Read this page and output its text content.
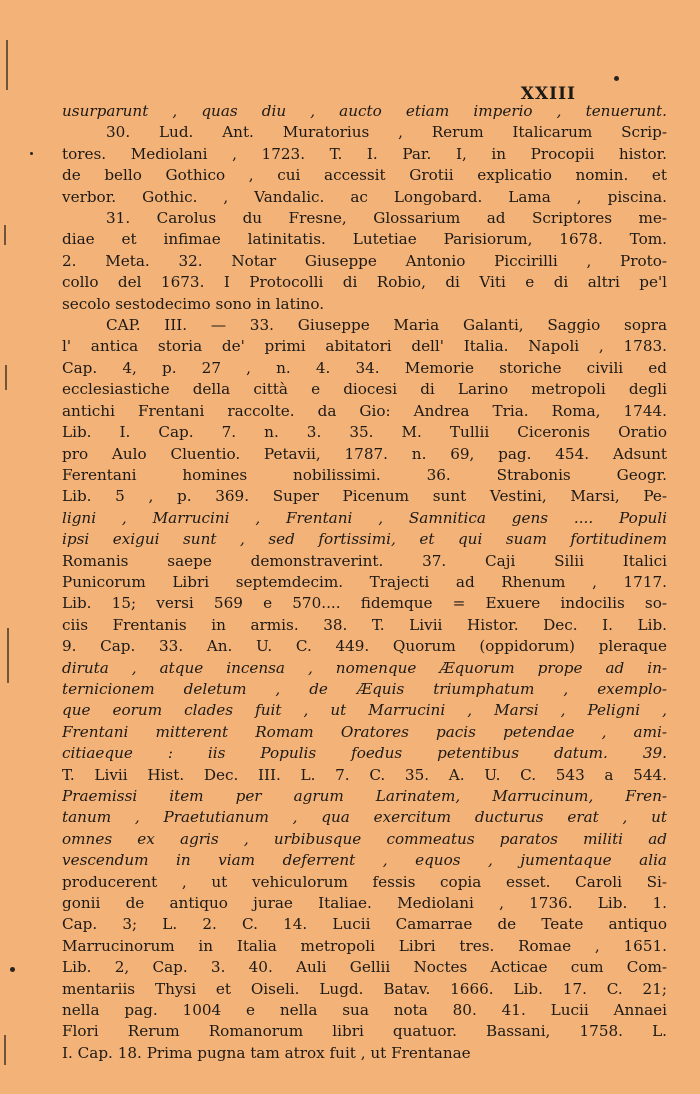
XXIII
usurparunt , quas diu , aucto etiam imperio , tenuerunt.
30. Lud. Ant. Muratorius , Rerum Italicarum Scrip-
tores. Mediolani , 1723. T. I. Par. I, in Procopii histor.
de bello Gothico , cui accessit Grotii explicatio nomin. et
verbor. Gothic. , Vandalic. ac Longobard. Lama , piscina.
31. Carolus du Fresne, Glossarium ad Scriptores me-
diae et infimae latinitatis. Lutetiae Parisiorum, 1678. Tom.
2. Meta. 32. Notar Giuseppe Antonio Piccirilli , Proto-
collo del 1673. I Protocolli di Robio, di Viti e di altri pe'l
secolo sestodecimo sono in latino.
CAP. III. — 33. Giuseppe Maria Galanti, Saggio sopra
l' antica storia de' primi abitatori dell' Italia. Napoli , 1783.
Cap. 4, p. 27 , n. 4. 34. Memorie storiche civili ed
ecclesiastiche della città e diocesi di Larino metropoli degli
antichi Frentani raccolte. da Gio: Andrea Tria. Roma, 1744.
Lib. I. Cap. 7. n. 3. 35. M. Tullii Ciceronis Oratio
pro Aulo Cluentio. Petavii, 1787. n. 69, pag. 454. Adsunt
Ferentani homines nobilissimi. 36. Strabonis Geogr.
Lib. 5 , p. 369. Super Picenum sunt Vestini, Marsi, Pe-
ligni , Marrucini , Frentani , Samnitica gens .... Populi
ipsi exigui sunt , sed fortissimi, et qui suam fortitudinem
Romanis saepe demonstraverint. 37. Caji Silii Italici
Punicorum Libri septemdecim. Trajecti ad Rhenum , 1717.
Lib. 15; versi 569 e 570.... fidemque = Exuere indocilis so-
ciis Frentanis in armis. 38. T. Livii Histor. Dec. I. Lib.
9. Cap. 33. An. U. C. 449. Quorum (oppidorum) pleraque
diruta , atque incensa , nomenque Æquorum prope ad in-
ternicionem deletum , de Æquis triumphatum , exemplo-
que eorum clades fuit , ut Marrucini , Marsi , Peligni ,
Frentani mitterent Romam Oratores pacis petendae , ami-
citiaeque : iis Populis foedus petentibus datum. 39.
T. Livii Hist. Dec. III. L. 7. C. 35. A. U. C. 543 a 544.
Praemissi item per agrum Larinatem, Marrucinum, Fren-
tanum , Praetutianum , qua exercitum ducturus erat , ut
omnes ex agris , urbibusque commeatus paratos militi ad
vescendum in viam deferrent , equos , jumentaque alia
producerent , ut vehiculorum fessis copia esset. Caroli Si-
gonii de antiquo jurae Italiae. Mediolani , 1736. Lib. 1.
Cap. 3; L. 2. C. 14. Lucii Camarrae de Teate antiquo
Marrucinorum in Italia metropoli Libri tres. Romae , 1651.
Lib. 2, Cap. 3. 40. Auli Gellii Noctes Acticae cum Com-
mentariis Thysi et Oiseli. Lugd. Batav. 1666. Lib. 17. C. 21;
nella pag. 1004 e nella sua nota 80. 41. Lucii Annaei
Flori Rerum Romanorum libri quatuor. Bassani, 1758. L.
I. Cap. 18. Prima pugna tam atrox fuit , ut Frentanae
